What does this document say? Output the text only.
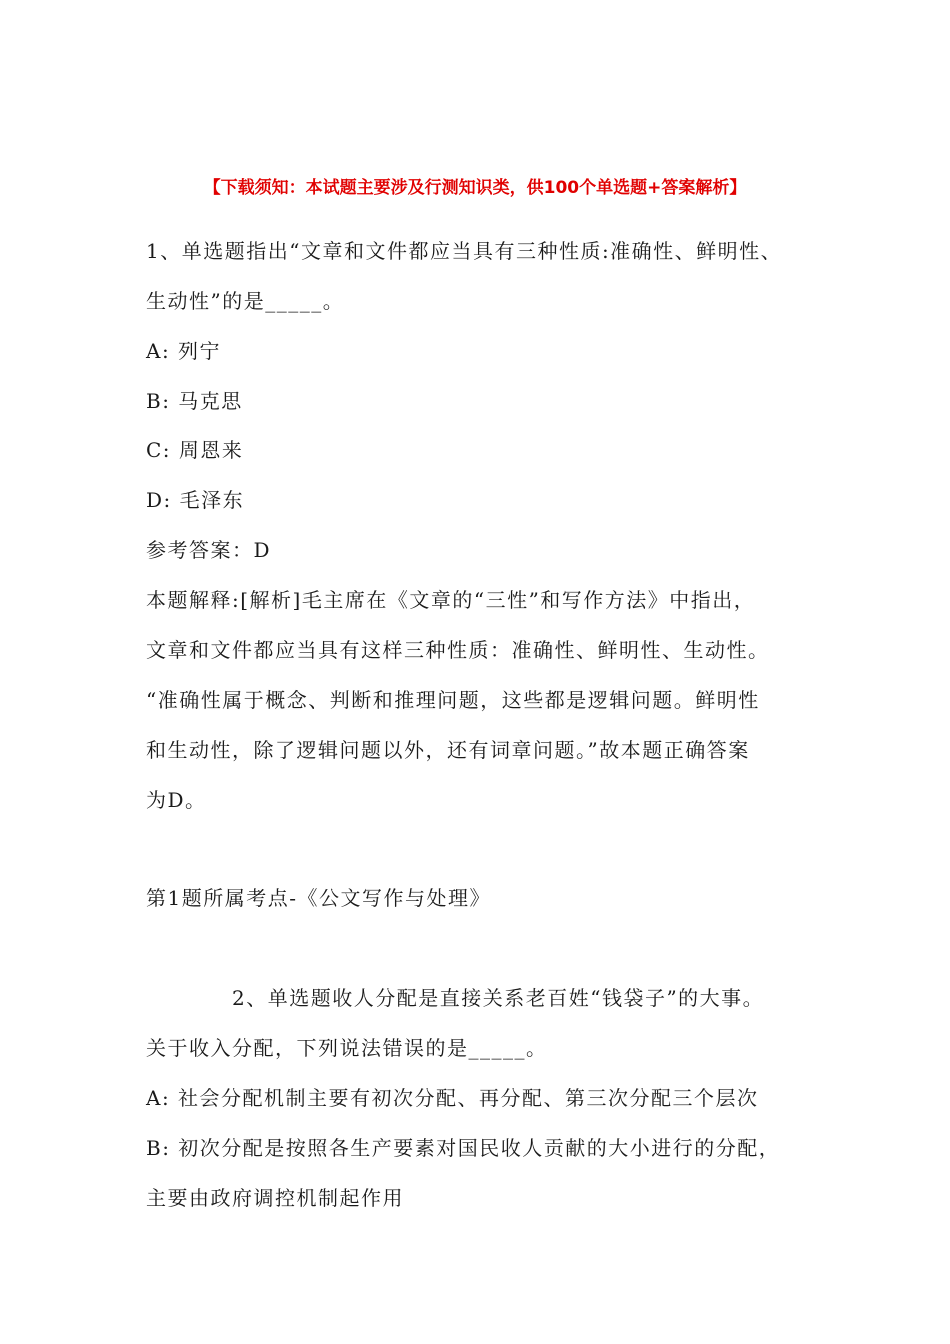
【下载须知：本试题主要涉及行测知识类，供100个单选题+答案解析】
1、单选题指出“文章和文件都应当具有三种性质:准确性、鲜明性、
生动性”的是_____。
A: 列宁
B: 马克思
C: 周恩来
D: 毛泽东
参考答案：D
本题解释:[解析]毛主席在《文章的“三性”和写作方法》中指出，
文章和文件都应当具有这样三种性质：准确性、鲜明性、生动性。
“准确性属于概念、判断和推理问题，这些都是逻辑问题。鲜明性
和生动性，除了逻辑问题以外，还有词章问题。”故本题正确答案
为D。
第1题所属考点-《公文写作与处理》
2、单选题收人分配是直接关系老百姓“钱袋子”的大事。
关于收入分配，下列说法错误的是_____。
A: 社会分配机制主要有初次分配、再分配、第三次分配三个层次
B: 初次分配是按照各生产要素对国民收人贡献的大小进行的分配，
主要由政府调控机制起作用
